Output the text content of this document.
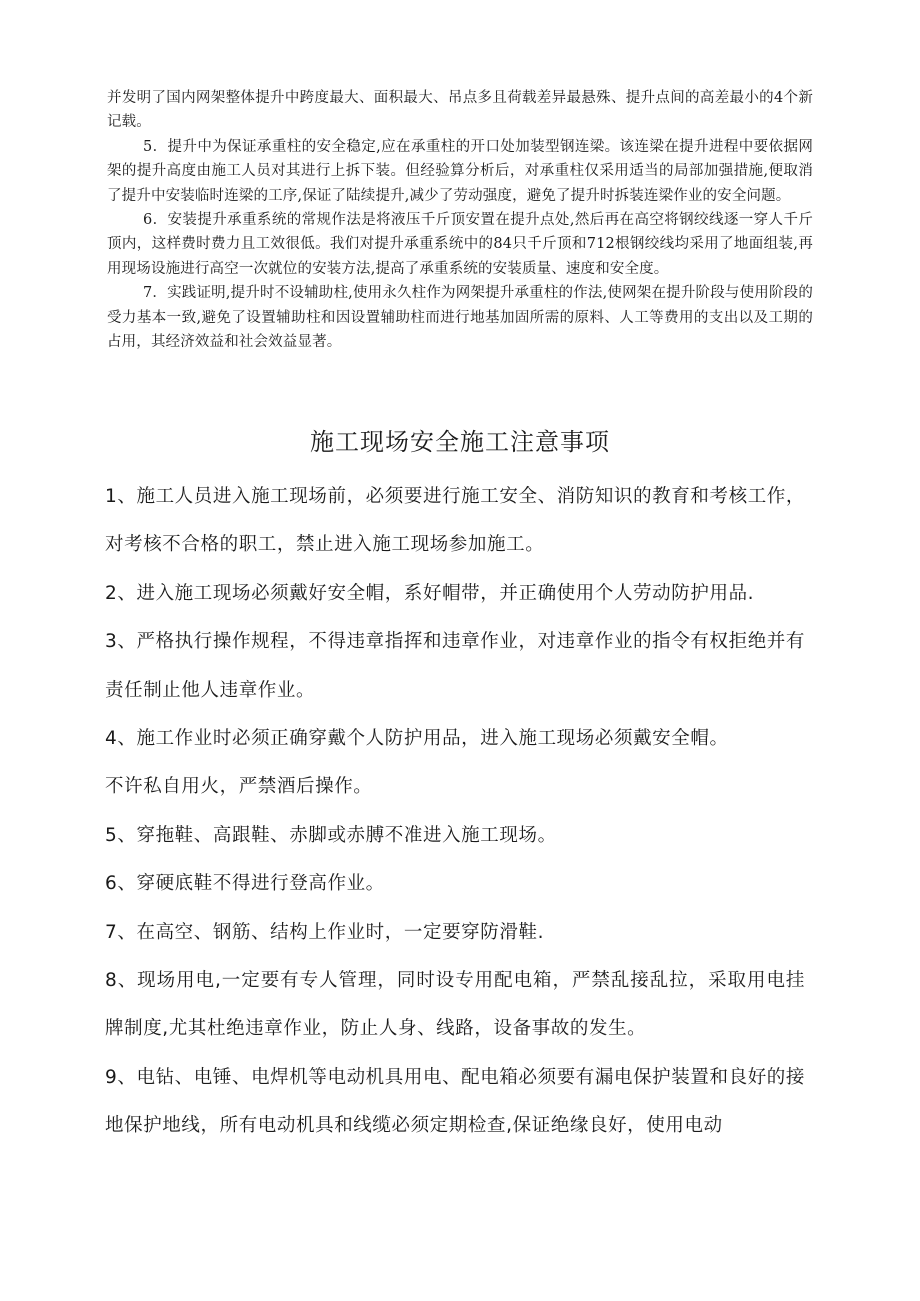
并发明了国内网架整体提升中跨度最大、面积最大、吊点多且荷载差异最悬殊、提升点间的高差最小的4个新记载。

5．提升中为保证承重柱的安全稳定,应在承重柱的开口处加装型钢连梁。该连梁在提升进程中要依据网架的提升高度由施工人员对其进行上拆下装。但经验算分析后，对承重柱仅采用适当的局部加强措施,便取消了提升中安装临时连梁的工序,保证了陆续提升,减少了劳动强度，避免了提升时拆装连梁作业的安全问题。

6．安装提升承重系统的常规作法是将液压千斤顶安置在提升点处,然后再在高空将钢绞线逐一穿人千斤顶内，这样费时费力且工效很低。我们对提升承重系统中的84只千斤顶和712根钢绞线均采用了地面组装,再用现场设施进行高空一次就位的安装方法,提高了承重系统的安装质量、速度和安全度。

7．实践证明,提升时不设辅助柱,使用永久柱作为网架提升承重柱的作法,使网架在提升阶段与使用阶段的受力基本一致,避免了设置辅助柱和因设置辅助柱而进行地基加固所需的原料、人工等费用的支出以及工期的占用，其经济效益和社会效益显著。

施工现场安全施工注意事项

1、施工人员进入施工现场前，必须要进行施工安全、消防知识的教育和考核工作，对考核不合格的职工，禁止进入施工现场参加施工。

2、进入施工现场必须戴好安全帽，系好帽带，并正确使用个人劳动防护用品.

3、严格执行操作规程，不得违章指挥和违章作业，对违章作业的指令有权拒绝并有责任制止他人违章作业。

4、施工作业时必须正确穿戴个人防护用品，进入施工现场必须戴安全帽。

不许私自用火，严禁酒后操作。

5、穿拖鞋、高跟鞋、赤脚或赤膊不准进入施工现场。

6、穿硬底鞋不得进行登高作业。

7、在高空、钢筋、结构上作业时，一定要穿防滑鞋.

8、现场用电,一定要有专人管理，同时设专用配电箱，严禁乱接乱拉，采取用电挂牌制度,尤其杜绝违章作业，防止人身、线路，设备事故的发生。

9、电钻、电锤、电焊机等电动机具用电、配电箱必须要有漏电保护装置和良好的接地保护地线，所有电动机具和线缆必须定期检查,保证绝缘良好，使用电动
